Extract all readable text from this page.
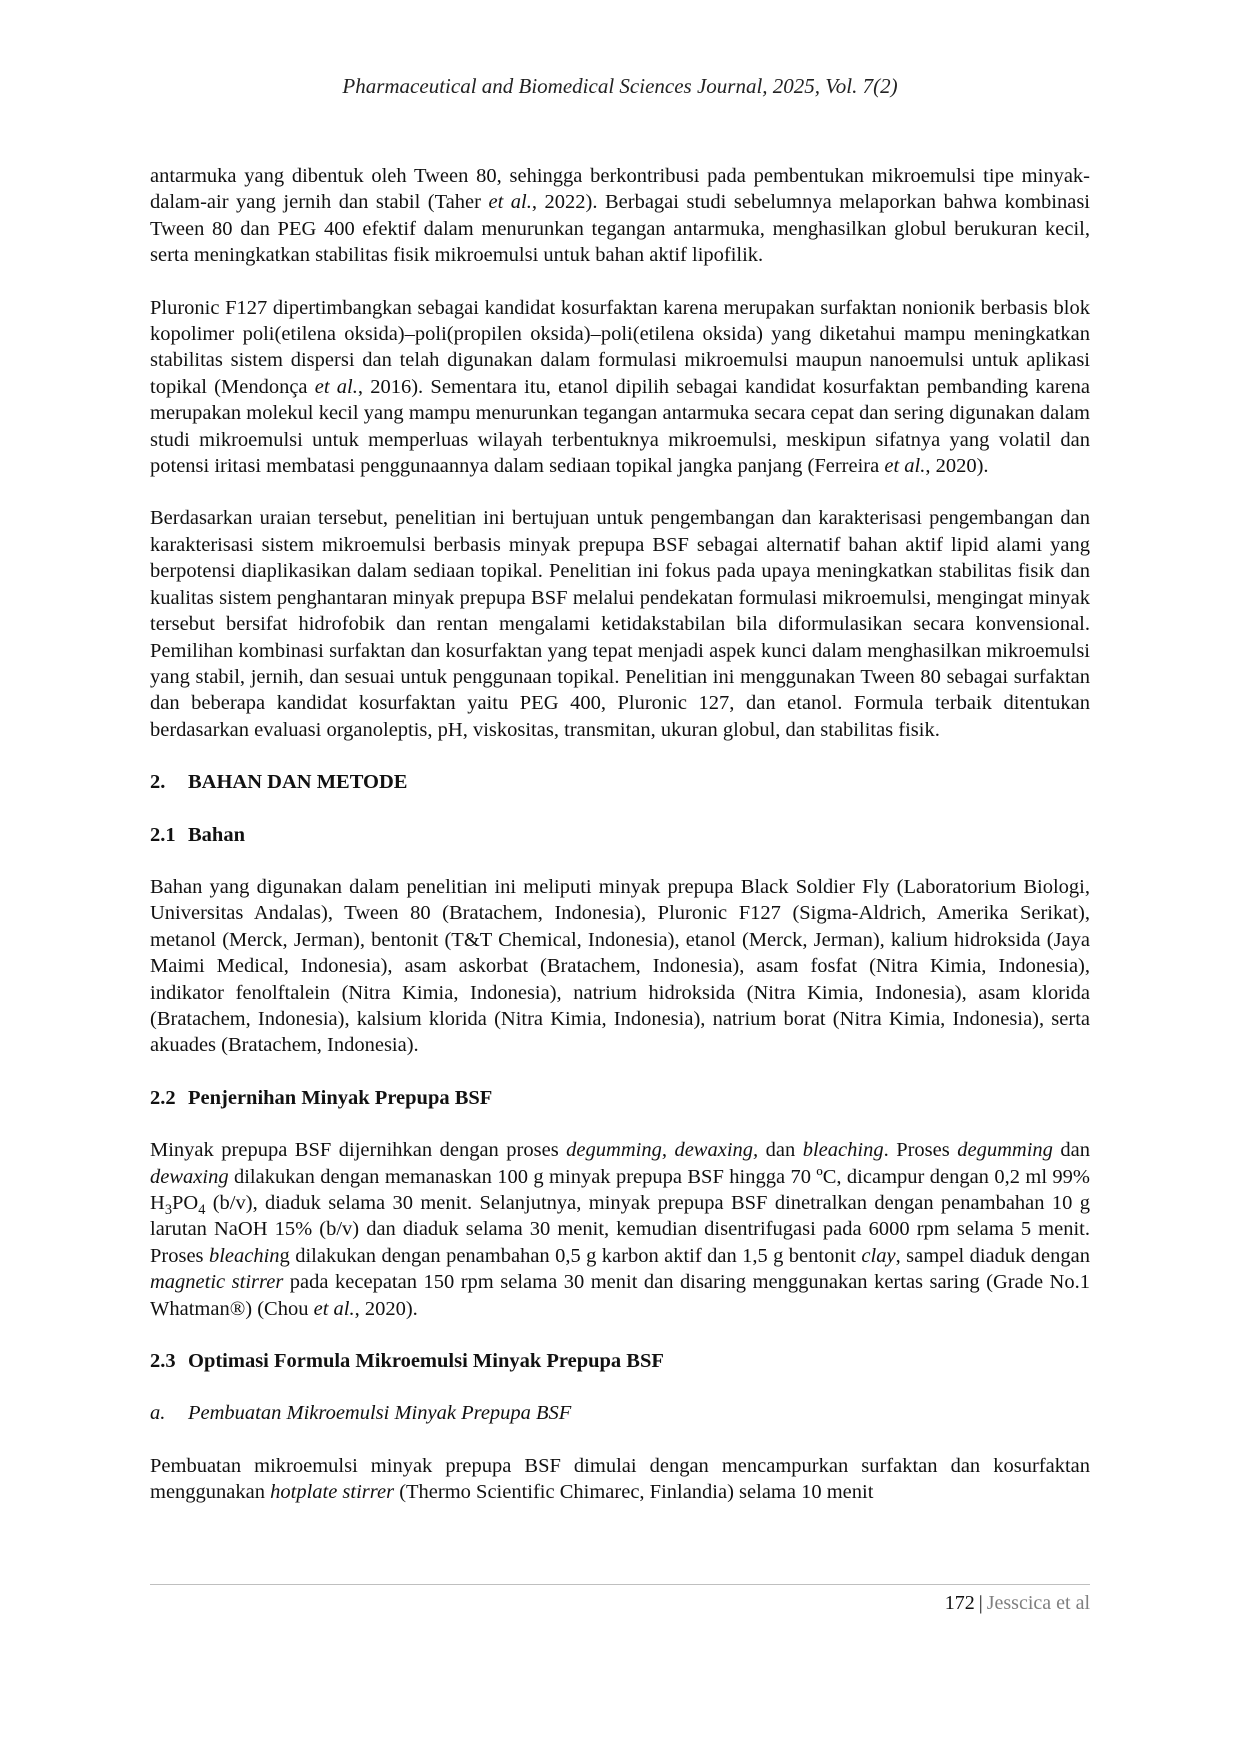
Pharmaceutical and Biomedical Sciences Journal, 2025, Vol. 7(2)

antarmuka yang dibentuk oleh Tween 80, sehingga berkontribusi pada pembentukan mikroemulsi tipe minyak-dalam-air yang jernih dan stabil (Taher et al., 2022). Berbagai studi sebelumnya melaporkan bahwa kombinasi Tween 80 dan PEG 400 efektif dalam menurunkan tegangan antarmuka, menghasilkan globul berukuran kecil, serta meningkatkan stabilitas fisik mikroemulsi untuk bahan aktif lipofilik.

Pluronic F127 dipertimbangkan sebagai kandidat kosurfaktan karena merupakan surfaktan nonionik berbasis blok kopolimer poli(etilena oksida)–poli(propilen oksida)–poli(etilena oksida) yang diketahui mampu meningkatkan stabilitas sistem dispersi dan telah digunakan dalam formulasi mikroemulsi maupun nanoemulsi untuk aplikasi topikal (Mendonça et al., 2016). Sementara itu, etanol dipilih sebagai kandidat kosurfaktan pembanding karena merupakan molekul kecil yang mampu menurunkan tegangan antarmuka secara cepat dan sering digunakan dalam studi mikroemulsi untuk memperluas wilayah terbentuknya mikroemulsi, meskipun sifatnya yang volatil dan potensi iritasi membatasi penggunaannya dalam sediaan topikal jangka panjang (Ferreira et al., 2020).

Berdasarkan uraian tersebut, penelitian ini bertujuan untuk pengembangan dan karakterisasi pengembangan dan karakterisasi sistem mikroemulsi berbasis minyak prepupa BSF sebagai alternatif bahan aktif lipid alami yang berpotensi diaplikasikan dalam sediaan topikal. Penelitian ini fokus pada upaya meningkatkan stabilitas fisik dan kualitas sistem penghantaran minyak prepupa BSF melalui pendekatan formulasi mikroemulsi, mengingat minyak tersebut bersifat hidrofobik dan rentan mengalami ketidakstabilan bila diformulasikan secara konvensional. Pemilihan kombinasi surfaktan dan kosurfaktan yang tepat menjadi aspek kunci dalam menghasilkan mikroemulsi yang stabil, jernih, dan sesuai untuk penggunaan topikal. Penelitian ini menggunakan Tween 80 sebagai surfaktan dan beberapa kandidat kosurfaktan yaitu PEG 400, Pluronic 127, dan etanol. Formula terbaik ditentukan berdasarkan evaluasi organoleptis, pH, viskositas, transmitan, ukuran globul, dan stabilitas fisik.

2. BAHAN DAN METODE
2.1 Bahan

Bahan yang digunakan dalam penelitian ini meliputi minyak prepupa Black Soldier Fly (Laboratorium Biologi, Universitas Andalas), Tween 80 (Bratachem, Indonesia), Pluronic F127 (Sigma-Aldrich, Amerika Serikat), metanol (Merck, Jerman), bentonit (T&T Chemical, Indonesia), etanol (Merck, Jerman), kalium hidroksida (Jaya Maimi Medical, Indonesia), asam askorbat (Bratachem, Indonesia), asam fosfat (Nitra Kimia, Indonesia), indikator fenolftalein (Nitra Kimia, Indonesia), natrium hidroksida (Nitra Kimia, Indonesia), asam klorida (Bratachem, Indonesia), kalsium klorida (Nitra Kimia, Indonesia), natrium borat (Nitra Kimia, Indonesia), serta akuades (Bratachem, Indonesia).

2.2 Penjernihan Minyak Prepupa BSF

Minyak prepupa BSF dijernihkan dengan proses degumming, dewaxing, dan bleaching. Proses degumming dan dewaxing dilakukan dengan memanaskan 100 g minyak prepupa BSF hingga 70 ºC, dicampur dengan 0,2 ml 99% $H_3PO_4$ (b/v), diaduk selama 30 menit. Selanjutnya, minyak prepupa BSF dinetralkan dengan penambahan 10 g larutan NaOH 15% (b/v) dan diaduk selama 30 menit, kemudian disentrifugasi pada 6000 rpm selama 5 menit. Proses bleaching dilakukan dengan penambahan 0,5 g karbon aktif dan 1,5 g bentonit clay, sampel diaduk dengan magnetic stirrer pada kecepatan 150 rpm selama 30 menit dan disaring menggunakan kertas saring (Grade No.1 Whatman®) (Chou et al., 2020).

2.3 Optimasi Formula Mikroemulsi Minyak Prepupa BSF
a. Pembuatan Mikroemulsi Minyak Prepupa BSF

Pembuatan mikroemulsi minyak prepupa BSF dimulai dengan mencampurkan surfaktan dan kosurfaktan menggunakan hotplate stirrer (Thermo Scientific Chimarec, Finlandia) selama 10 menit

172 | Jesscica et al
